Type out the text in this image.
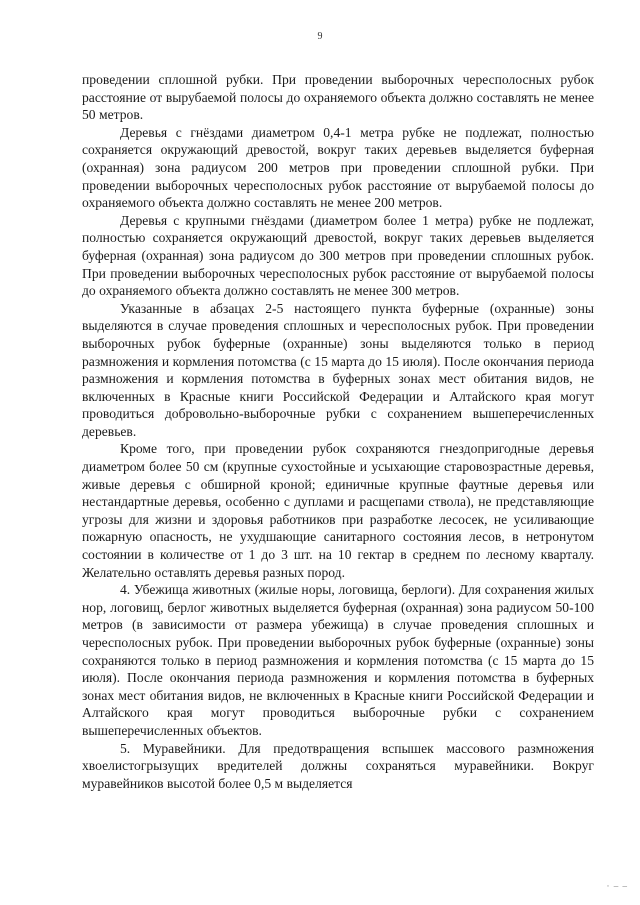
9

проведении сплошной рубки. При проведении выборочных чересполосных рубок расстояние от вырубаемой полосы до охраняемого объекта должно составлять не менее 50 метров.

Деревья с гнёздами диаметром 0,4-1 метра рубке не подлежат, полностью сохраняется окружающий древостой, вокруг таких деревьев выделяется буферная (охранная) зона радиусом 200 метров при проведении сплошной рубки. При проведении выборочных чересполосных рубок расстояние от вырубаемой полосы до охраняемого объекта должно составлять не менее 200 метров.

Деревья с крупными гнёздами (диаметром более 1 метра) рубке не подлежат, полностью сохраняется окружающий древостой, вокруг таких деревьев выделяется буферная (охранная) зона радиусом до 300 метров при проведении сплошных рубок. При проведении выборочных чересполосных рубок расстояние от вырубаемой полосы до охраняемого объекта должно составлять не менее 300 метров.

Указанные в абзацах 2-5 настоящего пункта буферные (охранные) зоны выделяются в случае проведения сплошных и чересполосных рубок. При проведении выборочных рубок буферные (охранные) зоны выделяются только в период размножения и кормления потомства (с 15 марта до 15 июля). После окончания периода размножения и кормления потомства в буферных зонах мест обитания видов, не включенных в Красные книги Российской Федерации и Алтайского края могут проводиться добровольно-выборочные рубки с сохранением вышеперечисленных деревьев.

Кроме того, при проведении рубок сохраняются гнездопригодные деревья диаметром более 50 см (крупные сухостойные и усыхающие старовозрастные деревья, живые деревья с обширной кроной; единичные крупные фаутные деревья или нестандартные деревья, особенно с дуплами и расщепами ствола), не представляющие угрозы для жизни и здоровья работников при разработке лесосек, не усиливающие пожарную опасность, не ухудшающие санитарного состояния лесов, в нетронутом состоянии в количестве от 1 до 3 шт. на 10 гектар в среднем по лесному кварталу. Желательно оставлять деревья разных пород.

4. Убежища животных (жилые норы, логовища, берлоги). Для сохранения жилых нор, логовищ, берлог животных выделяется буферная (охранная) зона радиусом 50-100 метров (в зависимости от размера убежища) в случае проведения сплошных и чересполосных рубок. При проведении выборочных рубок буферные (охранные) зоны сохраняются только в период размножения и кормления потомства (с 15 марта до 15 июля). После окончания периода размножения и кормления потомства в буферных зонах мест обитания видов, не включенных в Красные книги Российской Федерации и Алтайского края могут проводиться выборочные рубки с сохранением вышеперечисленных объектов.

5. Муравейники. Для предотвращения вспышек массового размножения хвоелистогрызущих вредителей должны сохраняться муравейники. Вокруг муравейников высотой более 0,5 м выделяется

· – –
